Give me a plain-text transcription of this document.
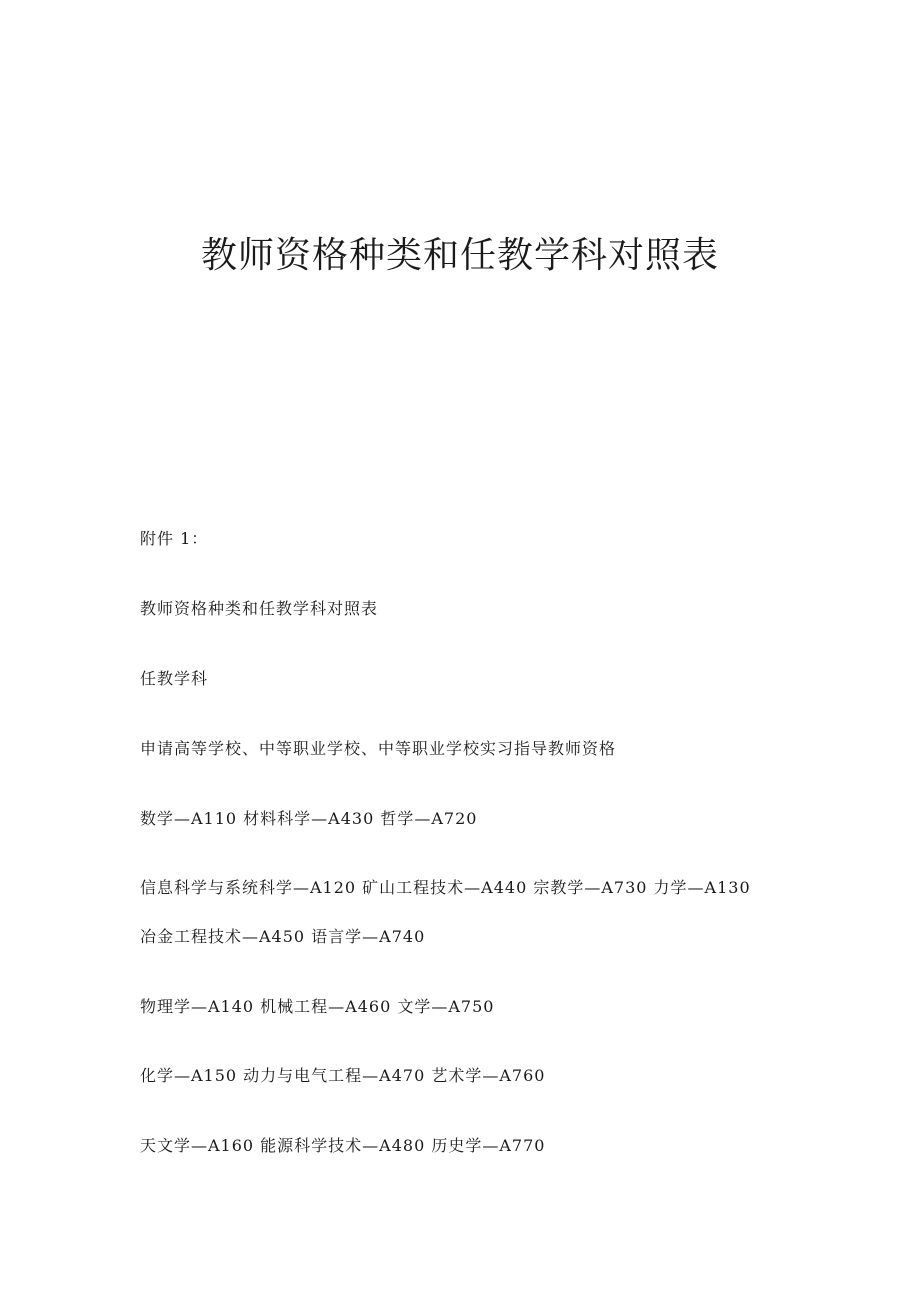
教师资格种类和任教学科对照表
附件 1：
教师资格种类和任教学科对照表
任教学科
申请高等学校、中等职业学校、中等职业学校实习指导教师资格
数学—A110 材料科学—A430 哲学—A720
信息科学与系统科学—A120 矿山工程技术—A440 宗教学—A730 力学—A130
冶金工程技术—A450 语言学—A740
物理学—A140 机械工程—A460 文学—A750
化学—A150 动力与电气工程—A470 艺术学—A760
天文学—A160 能源科学技术—A480 历史学—A770
